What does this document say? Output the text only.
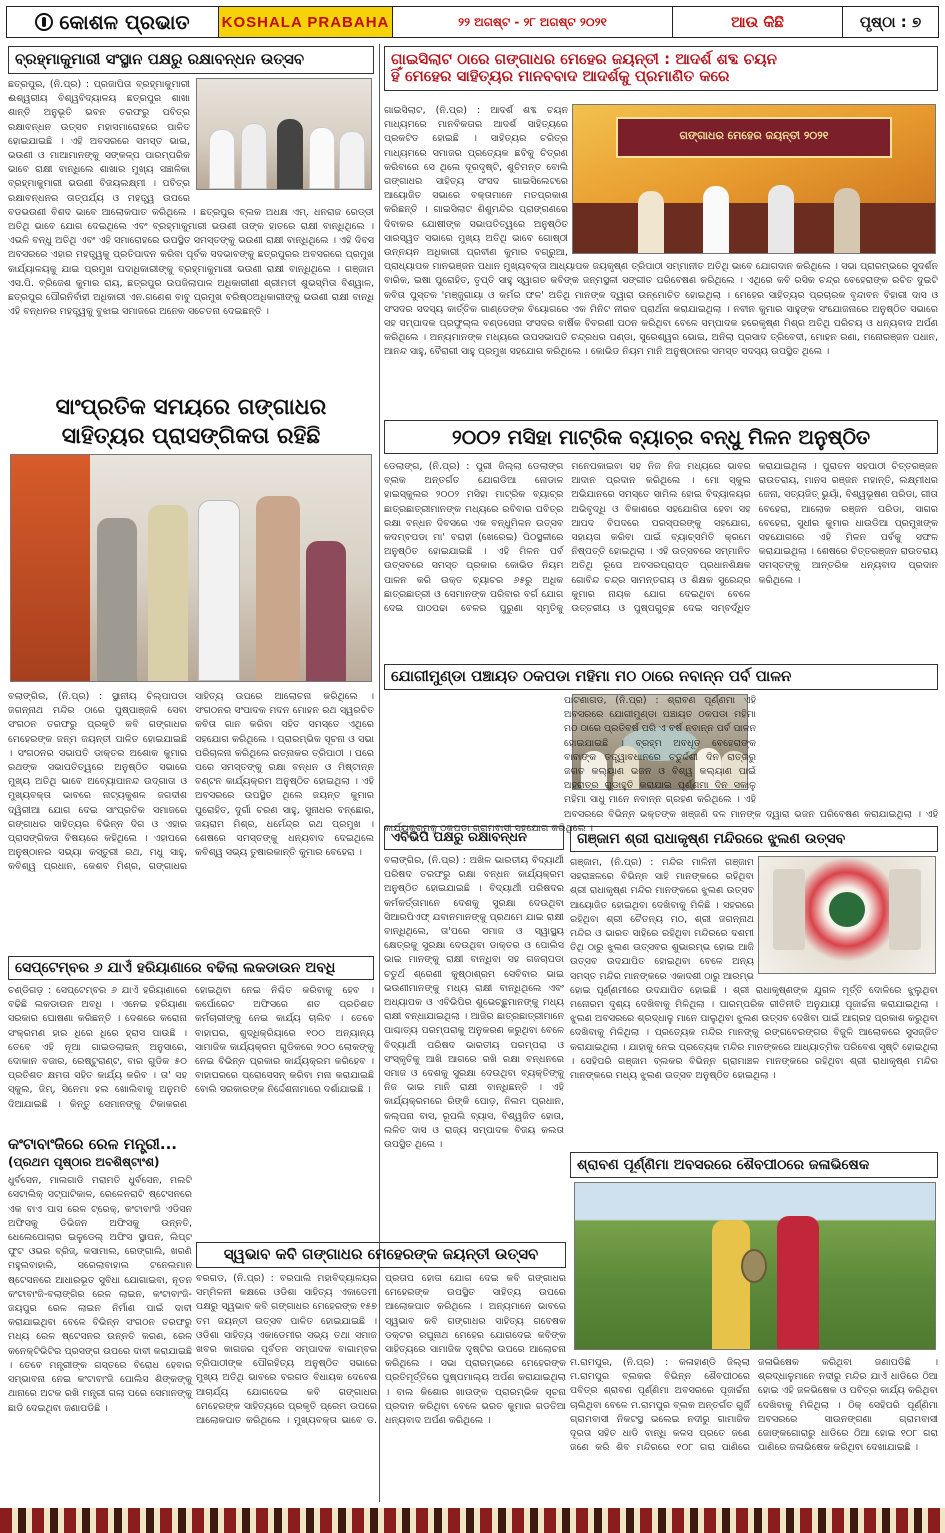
କୋଶଳ ପ୍ରଭାତ KOSHALA PRABAHA	୨୨ ଅଗଷ୍ଟ - ୨୮ ଅଗଷ୍ଟ ୨୦୨୧	ଆଉ କିଛି	ପୃଷ୍ଠା : ୭
ବ୍ରହ୍ମାକୁମାରୀ ସଂସ୍ଥାନ ପକ୍ଷରୁ ରକ୍ଷାବନ୍ଧନ ଉତ୍ସବ
ଛତ୍ରପୁର, (ନି.ପ୍ର) : ପ୍ରଜାପିତା ବ୍ରହ୍ମାକୁମାରୀ ଈଶ୍ୱରୀୟ ବିଶ୍ୱବିଦ୍ୟାଳୟ ଛତ୍ରପୁର ଶାଖା ଶାନ୍ତି ଅନୁଭୂତି ଭବନ ତରଫରୁ ପବିତ୍ର ରକ୍ଷାବନ୍ଧନ ଉତ୍ସବ ମହାସମାରୋହରେ ପାଳିତ ହୋଇଯାଇଛି । ଏହି ଅବସରରେ ସମସ୍ତ ଭାଇ, ଭଉଣୀ ଓ ମାଆମାନଙ୍କୁ ସଙ୍କଳ୍ପ ପାରମ୍ପରିକ ଭାବେ ରାକ୍ଷୀ ବାନ୍ଧିଲେ ଶାଖାର ମୁଖ୍ୟ ସଞ୍ଚାଳିକା ବ୍ରହ୍ମାକୁମାରୀ ଭଉଣୀ ବିଜୟଲକ୍ଷ୍ମୀ । ପବିତ୍ର ରକ୍ଷାବନ୍ଧନର ତାତ୍ପର୍ଯ୍ୟ ଓ ମହତ୍ତ୍ୱ ଉପରେ ବଡଭଉଣୀ ବିଶଦ ଭାବେ ଆଲୋକପାତ କରିଥିଲେ । ଛତ୍ରପୁର ବ୍ଲକ ଅଧକ୍ଷ ଏମ୍. ଧନରାଜ ରେଡ୍ଡୀ ଅତିଥି ଭାବେ ଯୋଗ ଦେଇଥିଲେ ଏବଂ ବ୍ରହ୍ମାକୁମାରୀ ଭଉଣୀ ତାଙ୍କ ହାତରେ ରାକ୍ଷୀ ବାନ୍ଧିଥିଲେ । ଏଭଳି ବନ୍ଧୁ ଅତିଥି ଏବଂ ଏହି ସମାରୋହରେ ଉପସ୍ଥିତ ସମସ୍ତଙ୍କୁ ଭଉଣୀ ରାକ୍ଷୀ ବାନ୍ଧିଥିଲେ । ଏହି ଦିବସ ଅବସରରେ ଏହାର ମହତ୍ତ୍ୱକୁ ପ୍ରତିପାଦନ କରିବା ପୂର୍ବକ ସଦଭାବଙ୍କୁ ଛତ୍ରପୁରର ଅବସରରେ ପ୍ରମୁଖ କାର୍ଯ୍ୟାଳୟକୁ ଯାଇ ପ୍ରମୁଖ ପଦାଧିକାରୀଙ୍କୁ ବ୍ରହ୍ମାକୁମାରୀ ଭଉଣୀ ରାକ୍ଷୀ ବାନ୍ଧିଥିଲେ । ଗଞ୍ଜାମ ଏସ.ପି. ବ୍ରିଜେଶ କୁମାର ରାୟ, ଛତ୍ରପୁର ଉପଜିଲାପାଳ ଅଧିକାରୀଣୀ ଶ୍ରୀମତୀ ଶୁଭସ୍ମିତା ବିଶ୍ୱାଳ, ଛତ୍ରପୁର ପୌରନିର୍ବାହୀ ଅଧିକାରୀ ଏନ.ଗଣେଶ ବାବୁ ପ୍ରମୁଖ ବରିଷ୍ଠଅଧିକାରୀଙ୍କୁ ଭଉଣୀ ରାକ୍ଷୀ ବାନ୍ଧି ଏହି ବନ୍ଧନର ମହତ୍ତ୍ୱକୁ ବୁଝାଇ ସମାଜରେ ଅନେକ ସଚେତନା ଦେଇଛନ୍ତି ।
ଗାଇସିଲାଟ ଠାରେ ଗଙ୍ଗାଧର ମେହେର ଜୟନ୍ତୀ : ଆଦର୍ଶ ଶବ୍ଦ ଚୟନ
ହିଁ ମେହେର ସାହିତ୍ୟର ମାନବବାଦ ଆଦର୍ଶକୁ ପ୍ରମାଣିତ କରେ
ଗଙ୍ଗାଧର ମେହେର ଜୟନ୍ତୀ ୨୦୨୧
ଗାଇସିଲାଟ, (ନି.ପ୍ର) : ଆଦର୍ଶ ଶବ୍ଦ ଚୟନ ମାଧ୍ୟମରେ ମାନବିକତାର ଆଦର୍ଶ ସାହିତ୍ୟରେ ପ୍ରକଟିତ ହୋଇଛି । ସାହିତ୍ୟର ଚରିତ୍ର ମାଧ୍ୟମରେ ସମାଜର ପ୍ରତ୍ୟେକ ଛବିକୁ ଚିତ୍ରଣ କରିବାରେ ସେ ଥିଲେ ଦୂରଦୃଷ୍ଟି, ଶୁଚିମନ୍ତ ବୋଲି ଗଙ୍ଗାଧର ସାହିତ୍ୟ ସଂସଦ ଗାଇସିଲେଟରେ ଆୟୋଜିତ ସଭାରେ ବକ୍ତାମାନେ ମତପ୍ରକାଶ କରିଛନ୍ତି । ଗାଇସିଲାଟ ଶିଶୁମନ୍ଦିର ପ୍ରାଙ୍ଗଣରେ ଦିବାକର ଯୋଷୀଙ୍କ ସଭାପତିତ୍ୱରେ ଅନୁଷ୍ଠିତ ସାରସ୍ୱତ ସଭାରେ ମୁଖ୍ୟ ଅତିଥି ଭାବେ ଗୋଷ୍ଠୀ ଉନ୍ନୟନ ଅଧିକାରୀ ପ୍ରବୀଣ କୁମାର ବଗ୍ରୁଆ, ପ୍ରାଧ୍ୟାପକ ମାନଭଞ୍ଜନ ପଧାନ ମୁଖ୍ୟବକ୍ତା ଆଧ୍ୟାପକ ଜୟକୃଷ୍ଣ ତ୍ରିପାଠୀ ସମ୍ମାନୀତ ଅତିଥି ଭାବେ ଯୋଗଦାନ କରିଥିଲେ । ସଭା ପ୍ରାରମ୍ଭରେ ସୁଦର୍ଶନ ବାରିକ, ଇଷା ପୁରୋହିତ, ତୃପ୍ତି ସାହୁ ସ୍ୱାଗତ କବିଙ୍କ ଜନ୍ମସ୍ଥଳୀ ସଙ୍ଗୀତ ପରିବେଷଣ କରିଥିଲେ । ଏଥିରେ କବି ରସିକ ଚନ୍ଦ୍ର ବେହେରାଙ୍କ ରଚିତ ଦୁଇଟି କବିତା ପୁସ୍ତକ 'ମଞ୍ଜୁଗାୟା ଓ କର୍ମର ଫଳ' ଅତିଥି ମାନଙ୍କ ଦ୍ୱାରା ଉନ୍ମୋଚିତ ହୋଇଥିଲା । ମେହେର ସାହିତ୍ୟର ପ୍ରଚାରକ ବୃନ୍ଦାବନ ବିହାରୀ ଦାସ ଓ ସଂସଦର ସଦସ୍ୟ କାର୍ତ୍ତିକ ଗାଣ୍ଡେଙ୍କ ବିୟୋଗରେ ଏକ ମିନିଟ ନୀରବ ପ୍ରାର୍ଥନା କରାଯାଇଥିଲା । ନବୀନ କୁମାର ସାହୁଙ୍କ ସଂଯୋଜନାରେ ଅନୁଷ୍ଠିତ ସଭାରେ ସହ ସମ୍ପାଦକ ପ୍ରଫୁଲ୍ଲ ବଣ୍ଡସେନା ସଂସଦର ବାର୍ଷିକ ବିବରଣୀ ପଠନ କରିଥିବା ବେଳେ ସମ୍ପାଦକ ହରେକୃଷ୍ଣ ମିଶ୍ର ଅତିଥି ପରିଚୟ ଓ ଧନ୍ୟବାଦ ଅର୍ପଣ କରିଥିଲେ । ଅନ୍ୟମାନଙ୍କ ମଧ୍ୟରେ ଉପସଭାପତି ଚନ୍ଦ୍ରଧର ପଣ୍ଡା, ସୁରେଶ୍ୱର ଭୋଇ, ଅନିଲା ପ୍ରସାଦ ତ୍ରିବେଦୀ, ମୋହନ ରଣା, ମନୋରଞ୍ଜନ ପଧାନ, ଆନନ୍ଦ ସାହୁ, ବୈରାଗୀ ସାହୁ ପ୍ରମୁଖ ସହଯୋଗ କରିଥିଲେ । କୋଭିଡ ନିୟମ ମାନି ଅନୁଷ୍ଠାନର ସମସ୍ତ ସଦସ୍ୟ ଉପସ୍ଥିତ ଥିଲେ ।
ସାଂପ୍ରତିକ ସମୟରେ ଗଙ୍ଗାଧର
ସାହିତ୍ୟର ପ୍ରାସଙ୍ଗିକତା ରହିଛି
ବଲାଙ୍ଗିର, (ନି.ପ୍ର) : ସ୍ଥାନୀୟ ଚିଲ୍ପାପଡା ଜଗନ୍ନାଥ ମନ୍ଦିର ଠାରେ ପୁଷ୍ପାଞ୍ଜଳି ସେବା ସଂଗଠନ ତରଫରୁ ପ୍ରକୃତି କବି ଗଙ୍ଗାଧର ମେହେରଙ୍କ ଜନ୍ମ ଜୟନ୍ତୀ ପାଳିତ ହୋଇଯାଇଛି । ସଂଗଠନର ସଭାପତି ଡାକ୍ତର ଅଶୋକ କୁମାର ରଥଙ୍କ ସଭାପତିତ୍ୱରେ ଅନୁଷ୍ଠିତ ସଭାରେ ମୁଖ୍ୟ ଅତିଥି ଭାବେ ଅବ୍ୟୋପାନନ୍ଦ ଉଦ୍‌ଗାତା ଓ ମୁଖ୍ୟବକ୍ତା ଭାବରେ ନାଟ୍ୟକୁଶଳ ଜଗଦୀଶ ଦ୍ୱିରୀଆ ଯୋଗ ଦେଇ ସାଂପ୍ରତିକ ସମାଜରେ ଗଙ୍ଗାଧର ସାହିତ୍ୟର ବିଭିନ୍ନ ଦିଗ ଓ ଏହାର ପ୍ରାସଙ୍ଗିକତା ବିଷୟରେ କହିଥିଲେ । ଏହାପରେ ଅନୁଷ୍ଠାନର ସଭ୍ୟା କସ୍ତୁରୀ ରଥ, ମଧୁ ସାହୁ, କବିଶ୍ୱ ପ୍ରଧାନ, କେଶବ ମିଶ୍ର, ଗଙ୍ଗାଧର ସାହିତ୍ୟ ଉପରେ ଆଲୋଚନା କରିଥିଲେ । ସଂଗଠନର ସଂପାଦକ ମଦନ ମୋହନ ରଥ ସ୍ୱରଚିତ କବିତା ଗାନ କରିବା ସହିତ ସମସ୍ତେ ଏଥିରେ ସହଯୋଗ କରିଥିଲେ । ପ୍ରାରମ୍ଭିକ ସୂଚନା ଓ ସଭା ପରିଚାଳନା କରିଥିଲେ ରତ୍ନାକର ତ୍ରିପାଠୀ । ପରେ ପରେ ସମସ୍ତଙ୍କୁ ରକ୍ଷା ବନ୍ଧନ ଓ ମିଷ୍ଟାନ୍ନ ବଣ୍ଟନ କାର୍ଯ୍ୟକ୍ରମ ଅନୁଷ୍ଠିତ ହୋଇଥିଲା । ଏହି ଅବସରରେ ଉପସ୍ଥିତ ଥିଲେ ଜୟନ୍ତ କୁମାର ପୁରୋହିତ, ଦୁର୍ଗା ଚରଣ ସାହୁ, ସୁନାଧର ବନ୍ଛୋର, ଜୟରାମ ମିଶ୍ର, ଧର୍ମେନ୍ଦ୍ର ରଥ ପ୍ରମୁଖ । ଶେଷରେ ସମସ୍ତଙ୍କୁ ଧନ୍ୟବାଦ ଦେଇଥିଲେ କବିଶ୍ୱ ସଭ୍ୟ ତୁଷାରକାନ୍ତି କୁମାର ବେହେରା ।
୨୦୦୨ ମସିହା ମାଟ୍ରିକ ବ୍ୟାଚ୍‌ର ବନ୍ଧୁ ମିଳନ ଅନୁଷ୍ଠିତ
ଡେଲାଙ୍ଗ, (ନି.ପ୍ର) : ପୁରୀ ଜିଲ୍ଲା ଡେଲାଙ୍ଗ ବ୍ଲକ ଅନ୍ତର୍ଗତ ଯୋଗଡିଆ ନୋଡାଳ ହାଇସ୍କୁଲର ୨୦୦୨ ମସିହା ମାଟ୍ରିକ ବ୍ୟାଚ୍‌ର ଛାତ୍ରଛାତ୍ରୀମାନଙ୍କ ମଧ୍ୟରେ ରବିବାର ପବିତ୍ର ରକ୍ଷା ବନ୍ଧନ ଦିବସରେ ଏକ ବନ୍ଧୁମିଳନ ଉତ୍ସବ କଦମ୍ବପଡା ମା' ବରାହୀ (ଖେରେଇ) ପିଠସ୍ଥଳୀରେ ଅନୁଷ୍ଠିତ ହୋଇଯାଇଛି । ଏହି ମିଳନ ପର୍ବ ଉତ୍ସବରେ ସମସ୍ତ ପ୍ରକାର କୋଭିଡ ନିୟମ ପାଳନ କରି ଉକ୍ତ ବ୍ୟାଚର ୬୫ରୁ ଅଧିକ ଛାତ୍ରଛାତ୍ରୀ ଓ ସେମାନଙ୍କ ପରିବାର ବର୍ଗ ଯୋଗ ଦେଇ ପାଠପଢା ବେଳର ପୁରୁଣା ସ୍ମୃତିକୁ ମନେପକାଇବା ସହ ନିଜ ନିଜ ମଧ୍ୟରେ ଭାବର ଆଦାନ ପ୍ରଦାନ କରିଥିଲେ । ମୋ ସ୍କୁଲ ଅଭିଯାନରେ ସମସ୍ତେ ସାମିଲ ହୋଇ ବିଦ୍ୟାଳୟର ଅଭିବୃଦ୍ଧି ଓ ବିକାଶରେ ସହଯୋଗିତା ହେବା ସହ ଆପଦ ବିପଦରେ ପରସ୍ପରଙ୍କୁ ସହଯୋଗ, ସହାୟତା କରିବା ପାଇଁ ବ୍ୟାଚ୍‌ସମିତି କ୍ରମେ ନିଷ୍ପତ୍ତି ହୋଇଥିଲା । ଏହି ଉତ୍ସବରେ ସମ୍ମାନିତ ଅତିଥି ରୂପେ ଅବସରପ୍ରାପ୍ତ ପ୍ରଧାନଶିକ୍ଷକ ଗୋବିନ୍ଦ ଚନ୍ଦ୍ର ସାମନ୍ତରାୟ ଓ ଶିକ୍ଷକ ସୁରେନ୍ଦ୍ର କୁମାର ନାୟକ ଯୋଗ ଦେଇଥିବା ବେଳେ ଉତ୍ତରୀୟ ଓ ପୁଷ୍ପଗୁଚ୍ଛ ଦେଇ ସମ୍ବର୍ଦ୍ଧିତ କରାଯାଇଥିଲା । ପୁରାତନ ସହପାଠୀ ଚିତ୍ତରଞ୍ଜନ ରାଉତରାୟ, ମାନସ ରଞ୍ଜନ ମହାନ୍ତି, ଲକ୍ଷ୍ମୀଧର ଜେନା, ସତ୍ୟଜିତ୍ ଭୁୟାଁ, ବିଶ୍ୱଭୂଷଣ ପରିଡା, ଗୀତା ବେହେରା, ଆଲୋକ ରଞ୍ଜନ ପରିଡା, ସାଗର ବେହେରା, ସୁଧୀର କୁମାର ଧାଉଡିଆ ପ୍ରମୁଖଙ୍କ ସହଯୋଗରେ ଏହି ମିଳନ ପର୍ବକୁ ସଫଳ କରାଯାଇଥିଲା । ଶେଷରେ ଚିତ୍ତରଞ୍ଜନ ରାଉତରାୟ ସମସ୍ତଙ୍କୁ ଆନ୍ତରିକ ଧନ୍ୟବାଦ ପ୍ରଦାନ କରିଥିଲେ ।
ଯୋଗୀମୁଣ୍ଡା ପଞ୍ଚାୟତ ଠକପଡା ମହିମା ମଠ ଠାରେ ନବାନ୍ନ ପର୍ବ ପାଳନ
ପାଟଣାଗଡ, (ନି.ପ୍ର) : ଶ୍ରାବଣ ପୂର୍ଣ୍ଣମା ଏହି ଅବସରରେ ଯୋଗୀମୁଣ୍ଡା ପଞ୍ଚାୟତ ଠକପଡା ମହିମା ମଠ ଠାରେ ପ୍ରତିବର୍ଷ ପରି ଏ ବର୍ଷ ନବାନ୍ନ ପର୍ବ ପାଳନ ହୋଇଯାଇଛି । ବ୍ରହ୍ମ ଅବଧୂତ ବେହେରାଙ୍କ ବାବାଙ୍କ ତତ୍ତ୍ୱାବଧାନରେ ଚତୁର୍ଦ୍ଦଶୀ ଦିନ ରାତ୍ରରୁ ଜଗତ କଲ୍ୟାଣ ଭଜନ ଓ ବିଶ୍ୱ କଲ୍ୟାଣ ପାଇଁ ଅହରାତ୍ର ଗୁଡାହୁତି କରାଯାଇ ପୂର୍ଣ୍ଣମା ଦିନ ସକାଳୁ ମହିମା ସାଧୁ ମାନେ ନବାନ୍ନ ଗ୍ରହଣ କରିଥିଲେ । ଏହି ଅବସରରେ ବିଭିନ୍ନ ଭକ୍ତଙ୍କ ଖଞ୍ଜଣି ଦଳ ମାନଙ୍କ ଦ୍ୱାରା ଭଜନ ପରିବେଷଣ କରାଯାଇଥିଲା । ଏହି କାର୍ଯ୍ୟକ୍ରମକୁ ଠକପଡା ଗ୍ରାମବାସୀ ସହଯୋଗ କରିଥିଲେ ।
ସେପ୍ଟେମ୍ବର ୬ ଯାଏଁ ହରିୟାଣାରେ ବଢିଲା ଲକଡାଉନ ଅବଧି
ଚଣ୍ଡିଗଡ଼ : ସେପ୍ଟେମ୍ବର ୬ ଯାଏଁ ହରିୟାଣାରେ ବଢିଛି ଲକଡାଉନ ଅବଧି । ଏନେଇ ହରିୟାଣା ସରକାର ଘୋଷଣା କରିଛନ୍ତି । ଦେଶରେ କରୋନା ସଂକ୍ରମଣ ହାର ଧିରେ ଧିରେ ହ୍ରାସ ପାଉଛି । ତେବେ ଏହି ନୂଆ ଗାଇଡଲାଇନ୍ ଅନୁସାରେ, ଦୋକାନ ବଜାର, ରେଷ୍ଟୁରାଣ୍ଟ, ବାର ଗୁଡିକ ୫୦ ପ୍ରତିଶତ କ୍ଷମତା ସହିତ କାର୍ଯ୍ୟ କରିବ । ତା' ସହ ସ୍କୁଲ, ଜିମ୍, ସିନେମା ହଲ ଖୋଲିବାକୁ ଅନୁମତି ଦିଆଯାଇଛି । କିନ୍ତୁ ସେମାନଙ୍କୁ ଟିକାକରଣ ହୋଇଥିବା ନେଇ ନିଶ୍ଚିତ କରିବାକୁ ହେବ । କର୍ପୋରେଟ ଅଫିସରେ ଶତ ପ୍ରତିଶତ କର୍ମଚାରୀଙ୍କୁ ନେଇ କାର୍ଯ୍ୟ ଚାଲିବ । ତେବେ ବାହାଘର, ଶୁଦ୍ଧିକ୍ରିୟାରେ ୧୦୦ ଅନ୍ୟାନ୍ୟ ସାମାଜିକ କାର୍ଯ୍ୟକ୍ରମ ଗୁଡିକରେ ୨୦୦ ଲୋକଙ୍କୁ ନେଇ ବିଭିନ୍ନ ପ୍ରକାର କାର୍ଯ୍ୟକ୍ରମ କରିହେବ । ବାହାଘରରେ ପ୍ରୋସେସନ୍ କରିବା ମନା କରାଯାଇଛି ବୋଲି ସରକାରଙ୍କ ନିର୍ଦ୍ଦେଶନାମାରେ ଦର୍ଶାଯାଇଛି ।
କଂଟାବାଂଜିରେ ରେଳ ମନ୍ତ୍ରୀ...
(ପ୍ରଥମ ପୃଷ୍ଠାର ଅବଶିଷ୍ଟାଂଶ)
ଧୁର୍ବସେନ, ମାଲଗାଡି ମରାମତି ଧୁର୍ବସେନ, ମଲଟି ସେଟାଲିକ୍ ସଟ୍‌ପାଟିକାଳ, ରେଳେନରାଟି ଷ୍ଟେସନରେ ଏକ ବାଏ ପାସ ରେଳ ଟ୍ରେକ୍, କଂଟାବାଂଜି ଏଡିସନ ଅଫିସକୁ ଡିଭିଜନ ଅଫିସକୁ ଉନ୍ନତି, ଧେଲେପୋଲାର ଇଳୁଡେଲ୍‌ ଅଫିସ ସ୍ଥାପନ, ଲିପ୍ଟ ଫୁଟ ଓଭର ବ୍ରିଜ୍, କସାମାଲ, ରେଙ୍ଗାଲି, ଖରଣି ମହୁଲବାହାଲି, ସରେଲାବାହାଲ ଟନେଲମାନ ଷ୍ଟେସନରେ ଆଧାରଭୂତ ସୁବିଧା ଯୋଗାଇବା, ନୂତନ କଂଟାବାଂଜି-ବଲାଙ୍ଗିର ରେଳ ଲାଇନ, କଂଟାବାଂଜି-ଜୟପୁର ରେଳ ଲାଇନ ନିର୍ମାଣ ପାଇଁ ଦାବୀ କରାଯାଇଥିବା ବେଳେ ବିଭିନ୍ନ ସଂଗଠନ ତରଫରୁ ମଧ୍ୟ ରେଳ ଷ୍ଟେସନର ଉନ୍ନତି କରଣ, ରେଳ କନେକ୍ଟିଭିଟିର ପ୍ରସଙ୍ଗ ଉପରେ ଦାବୀ କରାଯାଇଛି । ତେବେ ମନ୍ତ୍ରୀଙ୍କ ଗସ୍ତରେ ବିରୋଧ ହେବାର ସମ୍ଭାବନା ନେଇ କଂଟାବାଂଜି ପୋଲିସ ଶିଙ୍କଙ୍କୁ ଥାନାରେ ଅଟକ ରଖି ମନ୍ତ୍ରୀ ଗଲା ପରେ ସେମାନଙ୍କୁ ଛାଡି ଦେଇଥିବା ଜଣାପଡିଛି ।
ଏବିଭିପି ପକ୍ଷରୁ ରକ୍ଷାବନ୍ଧନ
ବଲାଙ୍ଗିର, (ନି.ପ୍ର) : ଅଖିଳ ଭାରତୀୟ ବିଦ୍ୟାର୍ଥୀ ପରିଷଦ ତରଫରୁ ରକ୍ଷା ବନ୍ଧନ କାର୍ଯ୍ୟକ୍ରମ ଅନୁଷ୍ଠିତ ହୋଇଯାଇଛି । ବିଦ୍ୟାର୍ଥୀ ପରିଷଦର କର୍ମକର୍ତ୍ତାମାନେ ଦେଶକୁ ସୁରକ୍ଷା ଦେଉଥିବା ସିଆରପିଏଫ୍ ଯବାନମାନଙ୍କୁ ପ୍ରଥମେ ଯାଇ ରାକ୍ଷୀ ବାନ୍ଧିଥିଲେ, ତା'ପରେ ସମାଜ ଓ ସ୍ୱାସ୍ଥ୍ୟ କ୍ଷେତ୍ରକୁ ସୁରକ୍ଷା ଦେଉଥିବା ଡାକ୍ତର ଓ ପୋଲିସ ଭାଇ ମାନଙ୍କୁ ରାକ୍ଷୀ ବାନ୍ଧିବା ସହ ଗଜଚାପଡା ଚତୁର୍ଥ ଶ୍ରେଣୀ କୁଷ୍ଠାଶ୍ରମ ସେବିବାର ଭାଇ ଭଉଣୀମାନଙ୍କୁ ମଧ୍ୟ ରାକ୍ଷୀ ବାନ୍ଧିଥିଲେ ଏବଂ ଅଧ୍ୟାପକ ଓ ଏବିଭିପିର ଶୁଭେଚ୍ଛୁମାନଙ୍କୁ ମଧ୍ୟ ରାକ୍ଷୀ ବନ୍ଧାଯାଇଥିଲା । ଆଜିର ଛାତ୍ରଛାତ୍ରୀମାନେ ପାଶ୍ଚାତ୍ୟ ପରମ୍ପରାକୁ ଅନୁକରଣ କରୁଥିବା ବେଳେ ବିଦ୍ୟାର୍ଥୀ ପରିଷଦ ଭାରତୀୟ ପରମ୍ପରା ଓ ସଂସ୍କୃତିକୁ ଆଖି ଆଗରେ ରଖି ରକ୍ଷା ବନ୍ଧନରେ ସମାଜ ଓ ଦେଶକୁ ସୁରକ୍ଷା ଦେଉଥିବା ବ୍ୟକ୍ତିଙ୍କୁ ନିଜ ଭାଇ ମାନି ରାକ୍ଷୀ ବାନ୍ଧିଛନ୍ତି । ଏହି କାର୍ଯ୍ୟକ୍ରମରେ ରିଙ୍କି ପୋଡ଼, ନିଲମ ପ୍ରଧାନ, କଲ୍ପନା ବାସ, ରୂପଲି ବ୍ୟାସ, ବିଶ୍ୱଜିତ ହୋତା, ଲଳିତ ଦାସ ଓ ରାଜ୍ୟ ସମ୍ପାଦକ ବିଜୟ କଲତା ଉପସ୍ଥିତ ଥିଲେ ।
ଗଞ୍ଜାମ ଶ୍ରୀ ରାଧାକୃଷ୍ଣ ମନ୍ଦିରରେ ଝୁଲଣ ଉତ୍ସବ
ଗଞ୍ଜାମ, (ନି.ପ୍ର) : ମନ୍ଦିର ମାଳିନୀ ଗଞ୍ଜାମ ସହରାଞ୍ଚଳରେ ବିଭିନ୍ନ ସାହି ମାନଙ୍କରେ ରହିଥିବା ଶ୍ରୀ ରାଧାକୃଷ୍ଣ ମନ୍ଦିର ମାନଙ୍କରେ ଝୁଲଣ ଉତ୍ସବ ଆୟୋଜିତ ହୋଇଥିବା ଦେଖିବାକୁ ମିଳିଛି । ସହରରେ ରହିଥିବା ଶ୍ରୀ ଚୈତନ୍ୟ ମଠ, ଶ୍ରୀ ଜଗନ୍ନାଥ ମନ୍ଦିର ଓ ଭାରତ ସାହିରେ ରହିଥିବା ମନ୍ଦିରରେ ଦଶମୀ ତିଥି ଠାରୁ ଝୁଲଣ ଉତ୍ସବର ଶୁଭାରମ୍ଭ ହୋଇ ଆଜି ଉତ୍ସବ ଉଦଯାପିତ ହୋଇଥିବା ବେଳେ ଅନ୍ୟ ସମସ୍ତ ମନ୍ଦିର ମାନଙ୍କରେ ଏକାଦଶୀ ଠାରୁ ଆରମ୍ଭ ହୋଇ ପୂର୍ଣ୍ଣମୀରେ ଉଦଯାପିତ ହୋଇଛି । ଶ୍ରୀ ରାଧାକୃଷ୍ଣଙ୍କ ଯୁଗଳ ମୂର୍ତ୍ତି ଦୋଳିରେ ଝୁଲୁଥିବା ମନୋରମ ଦୃଶ୍ୟ ଦେଖିବାକୁ ମିଳିଥିଲା । ପାରମ୍ପରିକ ରୀତିନୀତି ଅନୁଯାୟୀ ପୂଜାର୍ଚ୍ଚନା କରାଯାଇଥିଲା । ଝୁଲଣ ଅବସରରେ ଶ୍ରଦ୍ଧାଳୁ ମାନେ ପାଲୁଥିବା ଝୁଲଣ ଉତ୍ସବ ଦେଖିବା ପାଇଁ ଆଗ୍ରହ ପ୍ରକାଶ କରୁଥିବା ଦେଖିବାକୁ ମିଳିଥିଲା । ପ୍ରତ୍ୟେକ ମନ୍ଦିର ମାନଙ୍କୁ ରଙ୍ଗବେରଙ୍ଗର ବିଜୁଳି ଆଲୋକରେ ସୁସଜ୍ଜିତ କରାଯାଇଥିଲା । ଯାହାକୁ ନେଇ ପ୍ରତ୍ୟେକ ମନ୍ଦିର ମାନଙ୍କରେ ଆଧ୍ୟାତ୍ମିକ ପରିବେଶ ସୃଷ୍ଟି ହୋଇଥିଲା । ସେହିପରି ଗଞ୍ଜାମ ବ୍ଲକର ବିଭିନ୍ନ ଗ୍ରାମାଞ୍ଚଳ ମାନଙ୍କରେ ରହିଥିବା ଶ୍ରୀ ରାଧାକୃଷ୍ଣ ମନ୍ଦିର ମାନଙ୍କରେ ମଧ୍ୟ ଝୁଲଣ ଉତ୍ସବ ଅନୁଷ୍ଠିତ ହୋଇଥିଲା ।
ଶ୍ରାବଣ ପୂର୍ଣ୍ଣିମା ଅବସରରେ ଶୈବପୀଠରେ ଜଳାଭିଷେକ
ମ.ରାମପୁର, (ନି.ପ୍ର) : କଳାହାଣ୍ଡି ଜିଲ୍ଲା ମ.ରାମପୁର ବ୍ଲକର ବିଭିନ୍ନ ଶୈବପୀଠରେ ପବିତ୍ର ଶ୍ରାବଣ ପୂର୍ଣ୍ଣିମା ଅବସରରେ ପୂଜାର୍ଚ୍ଚନା ଚାଲିଥିବା ବେଳେ ମ.ରାମପୁର ବ୍ଲକ ଅନ୍ତର୍ଗତ ଗୁର୍ଜି ଗ୍ରାମବାସୀ ନିକଟସ୍ଥ ଭଲେଇ ନଦୀରୁ ଗାମାଜିକ ଦୂରତା ସହିତ ଧାଡି ବାନ୍ଧି କଳସ ପ୍ରତେ ଜଣେ ଜଣେ କରି ଶିବ ମନ୍ଦିରରେ ୧୦୮ ଗରା ପାଣିରେ ଜଳାଭିଷେକ କରିଥିବା ଜଣାପଡିଛି । ଶ୍ରଦ୍ଧାଳୁମାନେ ନଦୀରୁ ମନ୍ଦିର ଯାଏଁ ଧାଡିରେ ଠିଆ ହୋଇ ଏହି ଜଳଭିଷେକ ଓ ପବିତ୍ର କାର୍ଯ୍ୟ କରିଥିବା ଦେଖିବାକୁ ମିଳିଥିଲା । ଠିକ୍ ସେହିପରି ପୂର୍ଣ୍ଣିମା ଅବସରରେ ସାଉନଙ୍ଗଣା ଗ୍ରାମବାସୀ ଜୋଙ୍କଗୋରାରୁ ଧାଡିରେ ଠିଆ ହୋଇ ୧୦୮ ଗରା ପାଣିରେ ଜଳାଭିଷେକ କରିଥିବା ଦେଖାଯାଇଛି ।
ସ୍ୱଭାବ କବି ଗଙ୍ଗାଧର ମେହେରଙ୍କ ଜୟନ୍ତୀ ଉତ୍ସବ
ବରଗଡ, (ନି.ପ୍ର) : ବରପାଲି ମହାବିଦ୍ୟାଳୟର ସମ୍ମିଳନୀ କକ୍ଷରେ ଓଡିଶା ସାହିତ୍ୟ ଏକାଡେମୀ ପକ୍ଷରୁ ସ୍ୱଭାବ କବି ଗଙ୍ଗାଧର ମେହେରଙ୍କ ୧୫୭ ତମ ଜୟନ୍ତୀ ଉତ୍ସବ ପାଳିତ ହୋଇଯାଇଛି । ଓଡିଶା ସାହିତ୍ୟ ଏକାଡେମୀର ସଭ୍ୟ ତଥା ସମାଜ ଖବର କାଗଜର ପୂର୍ବତନ ସମ୍ପାଦକ ବାଗାମ୍ବର ତ୍ରିପାଠୀଙ୍କ ପୌରହିତ୍ୟ ଅନୁଷ୍ଠିତ ସଭାରେ ମୁଖ୍ୟ ଅତିଥି ଭାବରେ ବରଗଡ ବିଧାୟକ ଦେବେଶ ଆଚାର୍ଯ୍ୟ ଯୋଗଦେଇ କବି ଗଙ୍ଗାଧର ମେହେରଙ୍କ ସାହିତ୍ୟରେ ପ୍ରକୃତି ପ୍ରେମ ଉପରେ ଆଲୋକପାତ କରିଥିଲେ । ମୁଖ୍ୟବକ୍ତା ଭାବେ ଡ. ପ୍ରତାପ ହୋତା ଯୋଗ ଦେଇ କବି ଗଙ୍ଗାଧର ମେହେରଙ୍କ ଉପସ୍ଥିତ ସାହିତ୍ୟ ଉପରେ ଆଲୋକପାତ କରିଥିଲେ । ଅନ୍ୟମାନେ ଭାବରେ ସ୍ୱଭାବ କବି ଗଙ୍ଗାଧର ସାହିତ୍ୟ ଗବେଷକ ଡକ୍ଟର ରଘୁନାଥ ମେହେର ଯୋଗଦେଇ କବିଙ୍କ ସାହିତ୍ୟରେ ସାମାଜିକ ଦୃଷ୍ଟିର ଉପରେ ଆଲୋଚନା କରିଥିଲେ । ସଭା ପ୍ରାରମ୍ଭରେ ମେହେରଙ୍କ ପ୍ରତିମୂର୍ତ୍ତିରେ ପୁଷ୍ପମାଲ୍ୟ ଅର୍ପଣ କରାଯାଇଥିଲା । ବାଲ କିଶୋର ଖାଉଙ୍କ ପ୍ରାରମ୍ଭିକ ସୂଚନା ପ୍ରଦାନ କରିଥିବା ବେଳେ ଭରତ କୁମାର ଗଡତିଆ ଧନ୍ୟବାଦ ଅର୍ପଣ କରିଥିଲେ ।
